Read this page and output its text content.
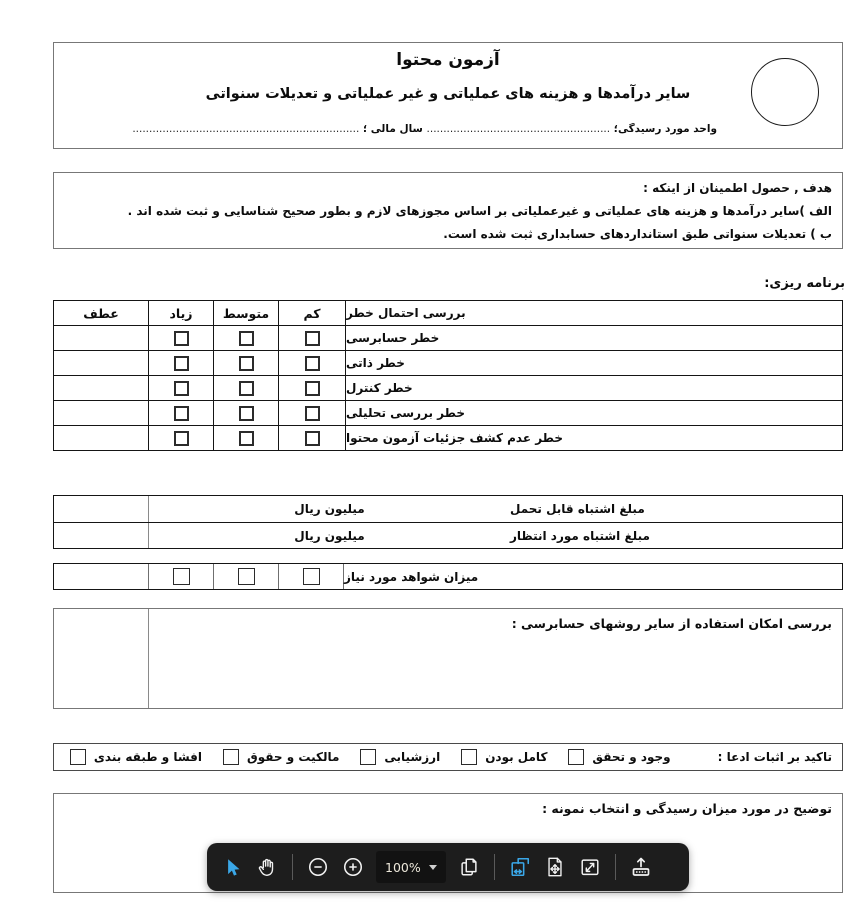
آزمون محتوا
سایر درآمدها و هزینه های عملیاتی و غیر عملیاتی و تعدیلات سنواتی
واحد مورد رسیدگی؛ ....................................................... سال مالی ؛ ....................................................................
هدف , حصول اطمینان از اینکه :
الف )سایر درآمدها و هزینه های عملیاتی و غیرعملیاتی بر اساس مجوزهای لازم و بطور صحیح شناسایی و ثبت شده اند .
ب ) تعدیلات سنواتی طبق استانداردهای حسابداری ثبت شده است.
برنامه ریزی:
عطف	زیاد	متوسط	کم	بررسی احتمال خطر
خطر حسابرسی
خطر ذاتی
خطر کنترل
خطر بررسی تحلیلی
خطر عدم کشف جزئیات آزمون محتوا
میلیون ریال	مبلغ اشتباه قابل تحمل
میلیون ریال	مبلغ اشتباه مورد انتظار
میزان شواهد مورد نیاز
بررسی امکان استفاده از سایر روشهای حسابرسی :
تاکید بر اثبات ادعا :
وجود و تحقق
کامل بودن
ارزشیابی
مالکیت و حقوق
افشا و طبقه بندی
توضیح در مورد میزان رسیدگی و انتخاب نمونه :
100%
